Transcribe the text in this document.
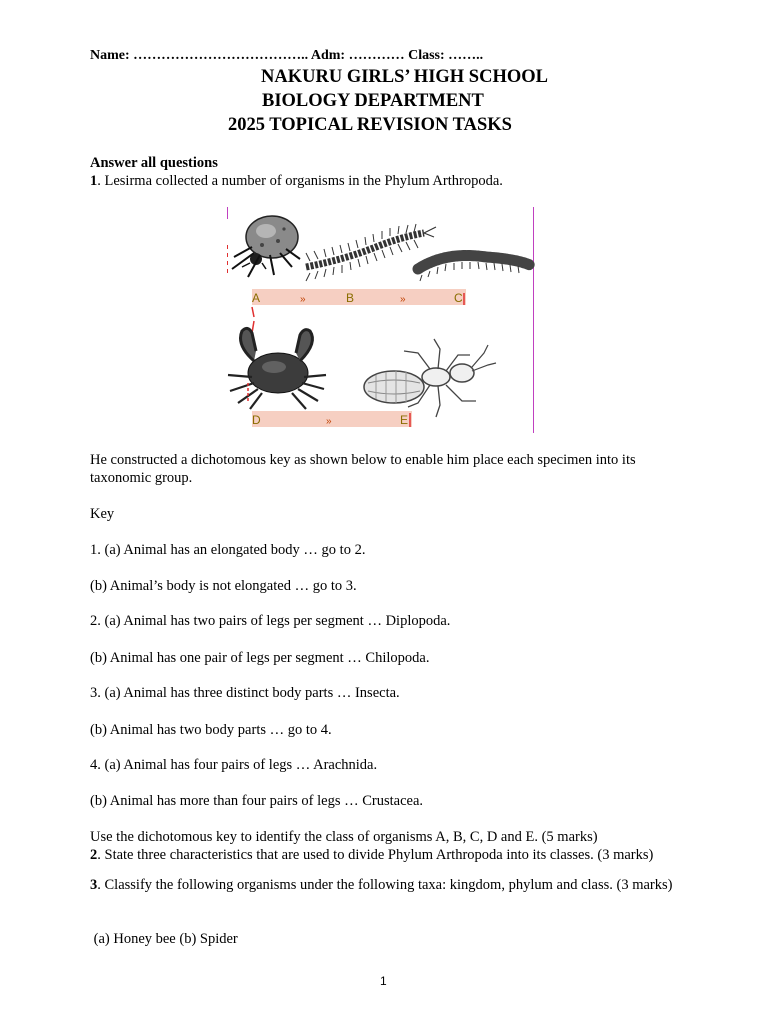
Name: ……………………………….. Adm: ………… Class: ……..
NAKURU GIRLS’ HIGH SCHOOL
BIOLOGY DEPARTMENT
2025 TOPICAL REVISION TASKS
Answer all questions
1. Lesirma collected a number of organisms in the Phylum Arthropoda.
A	»	B	»	C
D	»	E
He constructed a dichotomous key as shown below to enable him place each specimen into its taxonomic group.
Key
1. (a) Animal has an elongated body … go to 2.
(b) Animal’s body is not elongated … go to 3.
2. (a) Animal has two pairs of legs per segment … Diplopoda.
(b) Animal has one pair of legs per segment … Chilopoda.
3. (a) Animal has three distinct body parts … Insecta.
(b) Animal has two body parts … go to 4.
4. (a) Animal has four pairs of legs … Arachnida.
(b) Animal has more than four pairs of legs … Crustacea.
Use the dichotomous key to identify the class of organisms A, B, C, D and E. (5 marks)
2. State three characteristics that are used to divide Phylum Arthropoda into its classes. (3 marks)
3. Classify the following organisms under the following taxa: kingdom, phylum and class. (3 marks)
(a) Honey bee (b) Spider
1
